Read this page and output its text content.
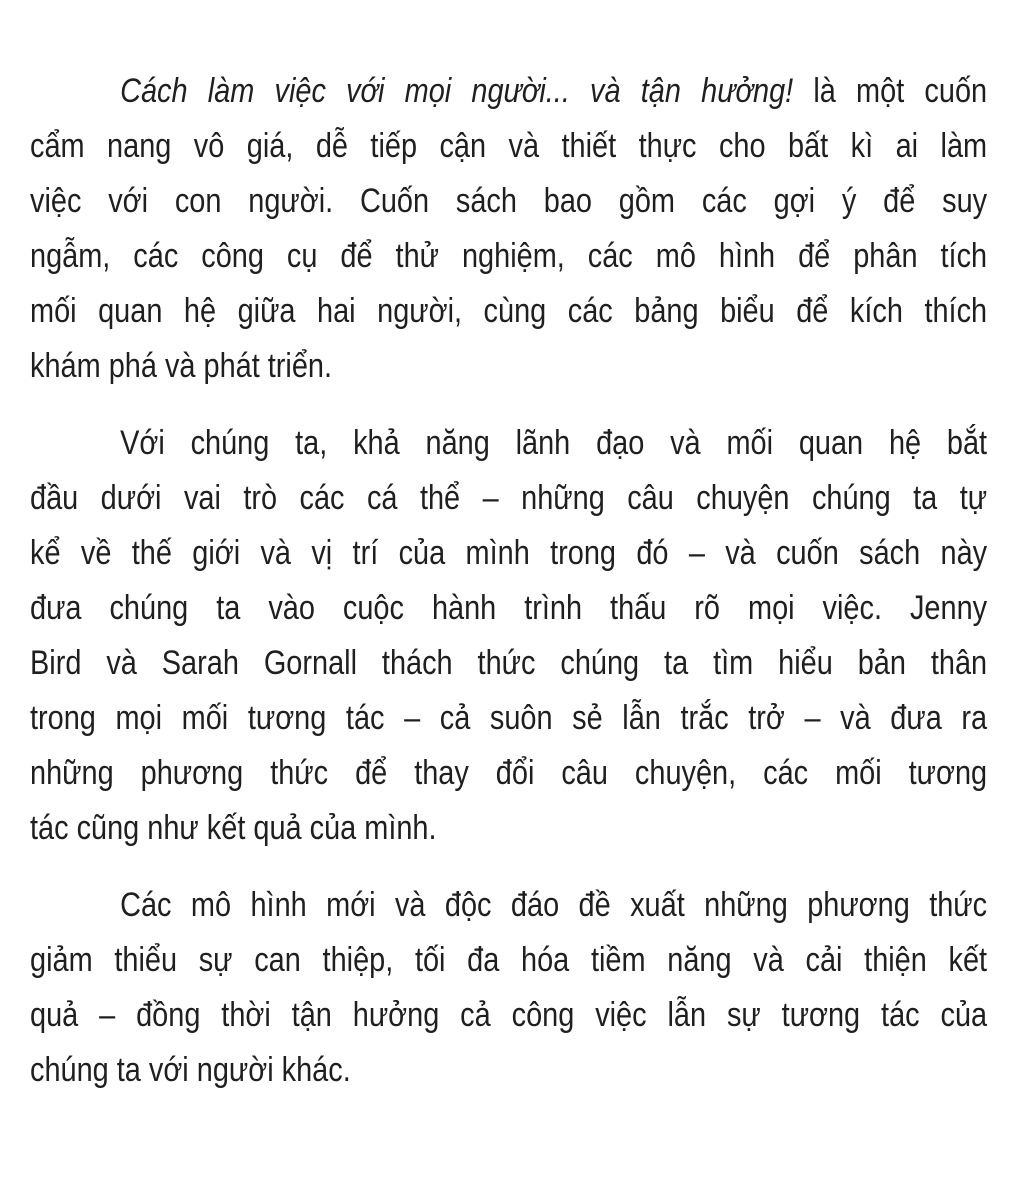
Cách làm việc với mọi người... và tận hưởng! là một cuốn
cẩm nang vô giá, dễ tiếp cận và thiết thực cho bất kì ai làm
việc với con người. Cuốn sách bao gồm các gợi ý để suy
ngẫm, các công cụ để thử nghiệm, các mô hình để phân tích
mối quan hệ giữa hai người, cùng các bảng biểu để kích thích
khám phá và phát triển.
Với chúng ta, khả năng lãnh đạo và mối quan hệ bắt
đầu dưới vai trò các cá thể – những câu chuyện chúng ta tự
kể về thế giới và vị trí của mình trong đó – và cuốn sách này
đưa chúng ta vào cuộc hành trình thấu rõ mọi việc. Jenny
Bird và Sarah Gornall thách thức chúng ta tìm hiểu bản thân
trong mọi mối tương tác – cả suôn sẻ lẫn trắc trở – và đưa ra
những phương thức để thay đổi câu chuyện, các mối tương
tác cũng như kết quả của mình.
Các mô hình mới và độc đáo đề xuất những phương thức
giảm thiểu sự can thiệp, tối đa hóa tiềm năng và cải thiện kết
quả – đồng thời tận hưởng cả công việc lẫn sự tương tác của
chúng ta với người khác.
